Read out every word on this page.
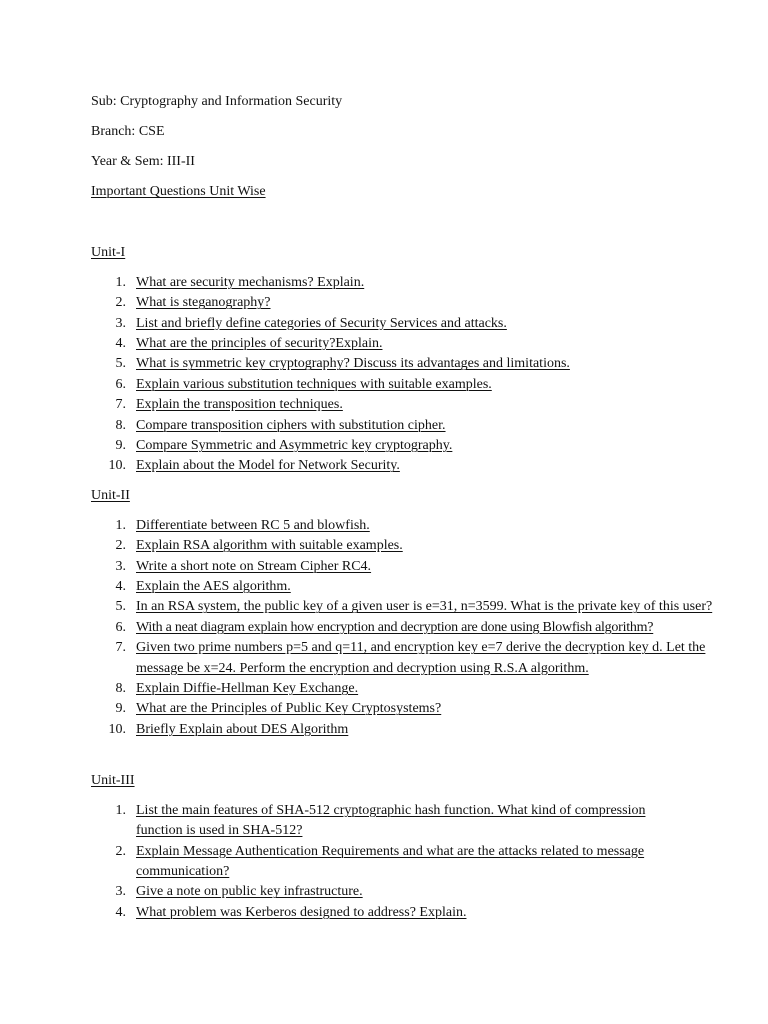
Sub: Cryptography and Information Security
Branch: CSE
Year & Sem: III-II
Important Questions Unit Wise
Unit-I
1. What are security mechanisms? Explain.
2. What is steganography?
3. List and briefly define categories of Security Services and attacks.
4. What are the principles of security?Explain.
5. What is symmetric key cryptography? Discuss its advantages and limitations.
6. Explain various substitution techniques with suitable examples.
7. Explain the transposition techniques.
8. Compare transposition ciphers with substitution cipher.
9. Compare Symmetric and Asymmetric key cryptography.
10. Explain about the Model for Network Security.
Unit-II
1. Differentiate between RC 5 and blowfish.
2. Explain RSA algorithm with suitable examples.
3. Write a short note on Stream Cipher RC4.
4. Explain the AES algorithm.
5. In an RSA system, the public key of a given user is e=31, n=3599. What is the private key of this user?
6. With a neat diagram explain how encryption and decryption are done using Blowfish algorithm?
7. Given two prime numbers p=5 and q=11, and encryption key e=7 derive the decryption key d. Let the message be x=24. Perform the encryption and decryption using R.S.A algorithm.
8. Explain Diffie-Hellman Key Exchange.
9. What are the Principles of Public Key Cryptosystems?
10. Briefly Explain about DES Algorithm
Unit-III
1. List the main features of SHA-512 cryptographic hash function. What kind of compression function is used in SHA-512?
2. Explain Message Authentication Requirements and what are the attacks related to message communication?
3. Give a note on public key infrastructure.
4. What problem was Kerberos designed to address? Explain.
